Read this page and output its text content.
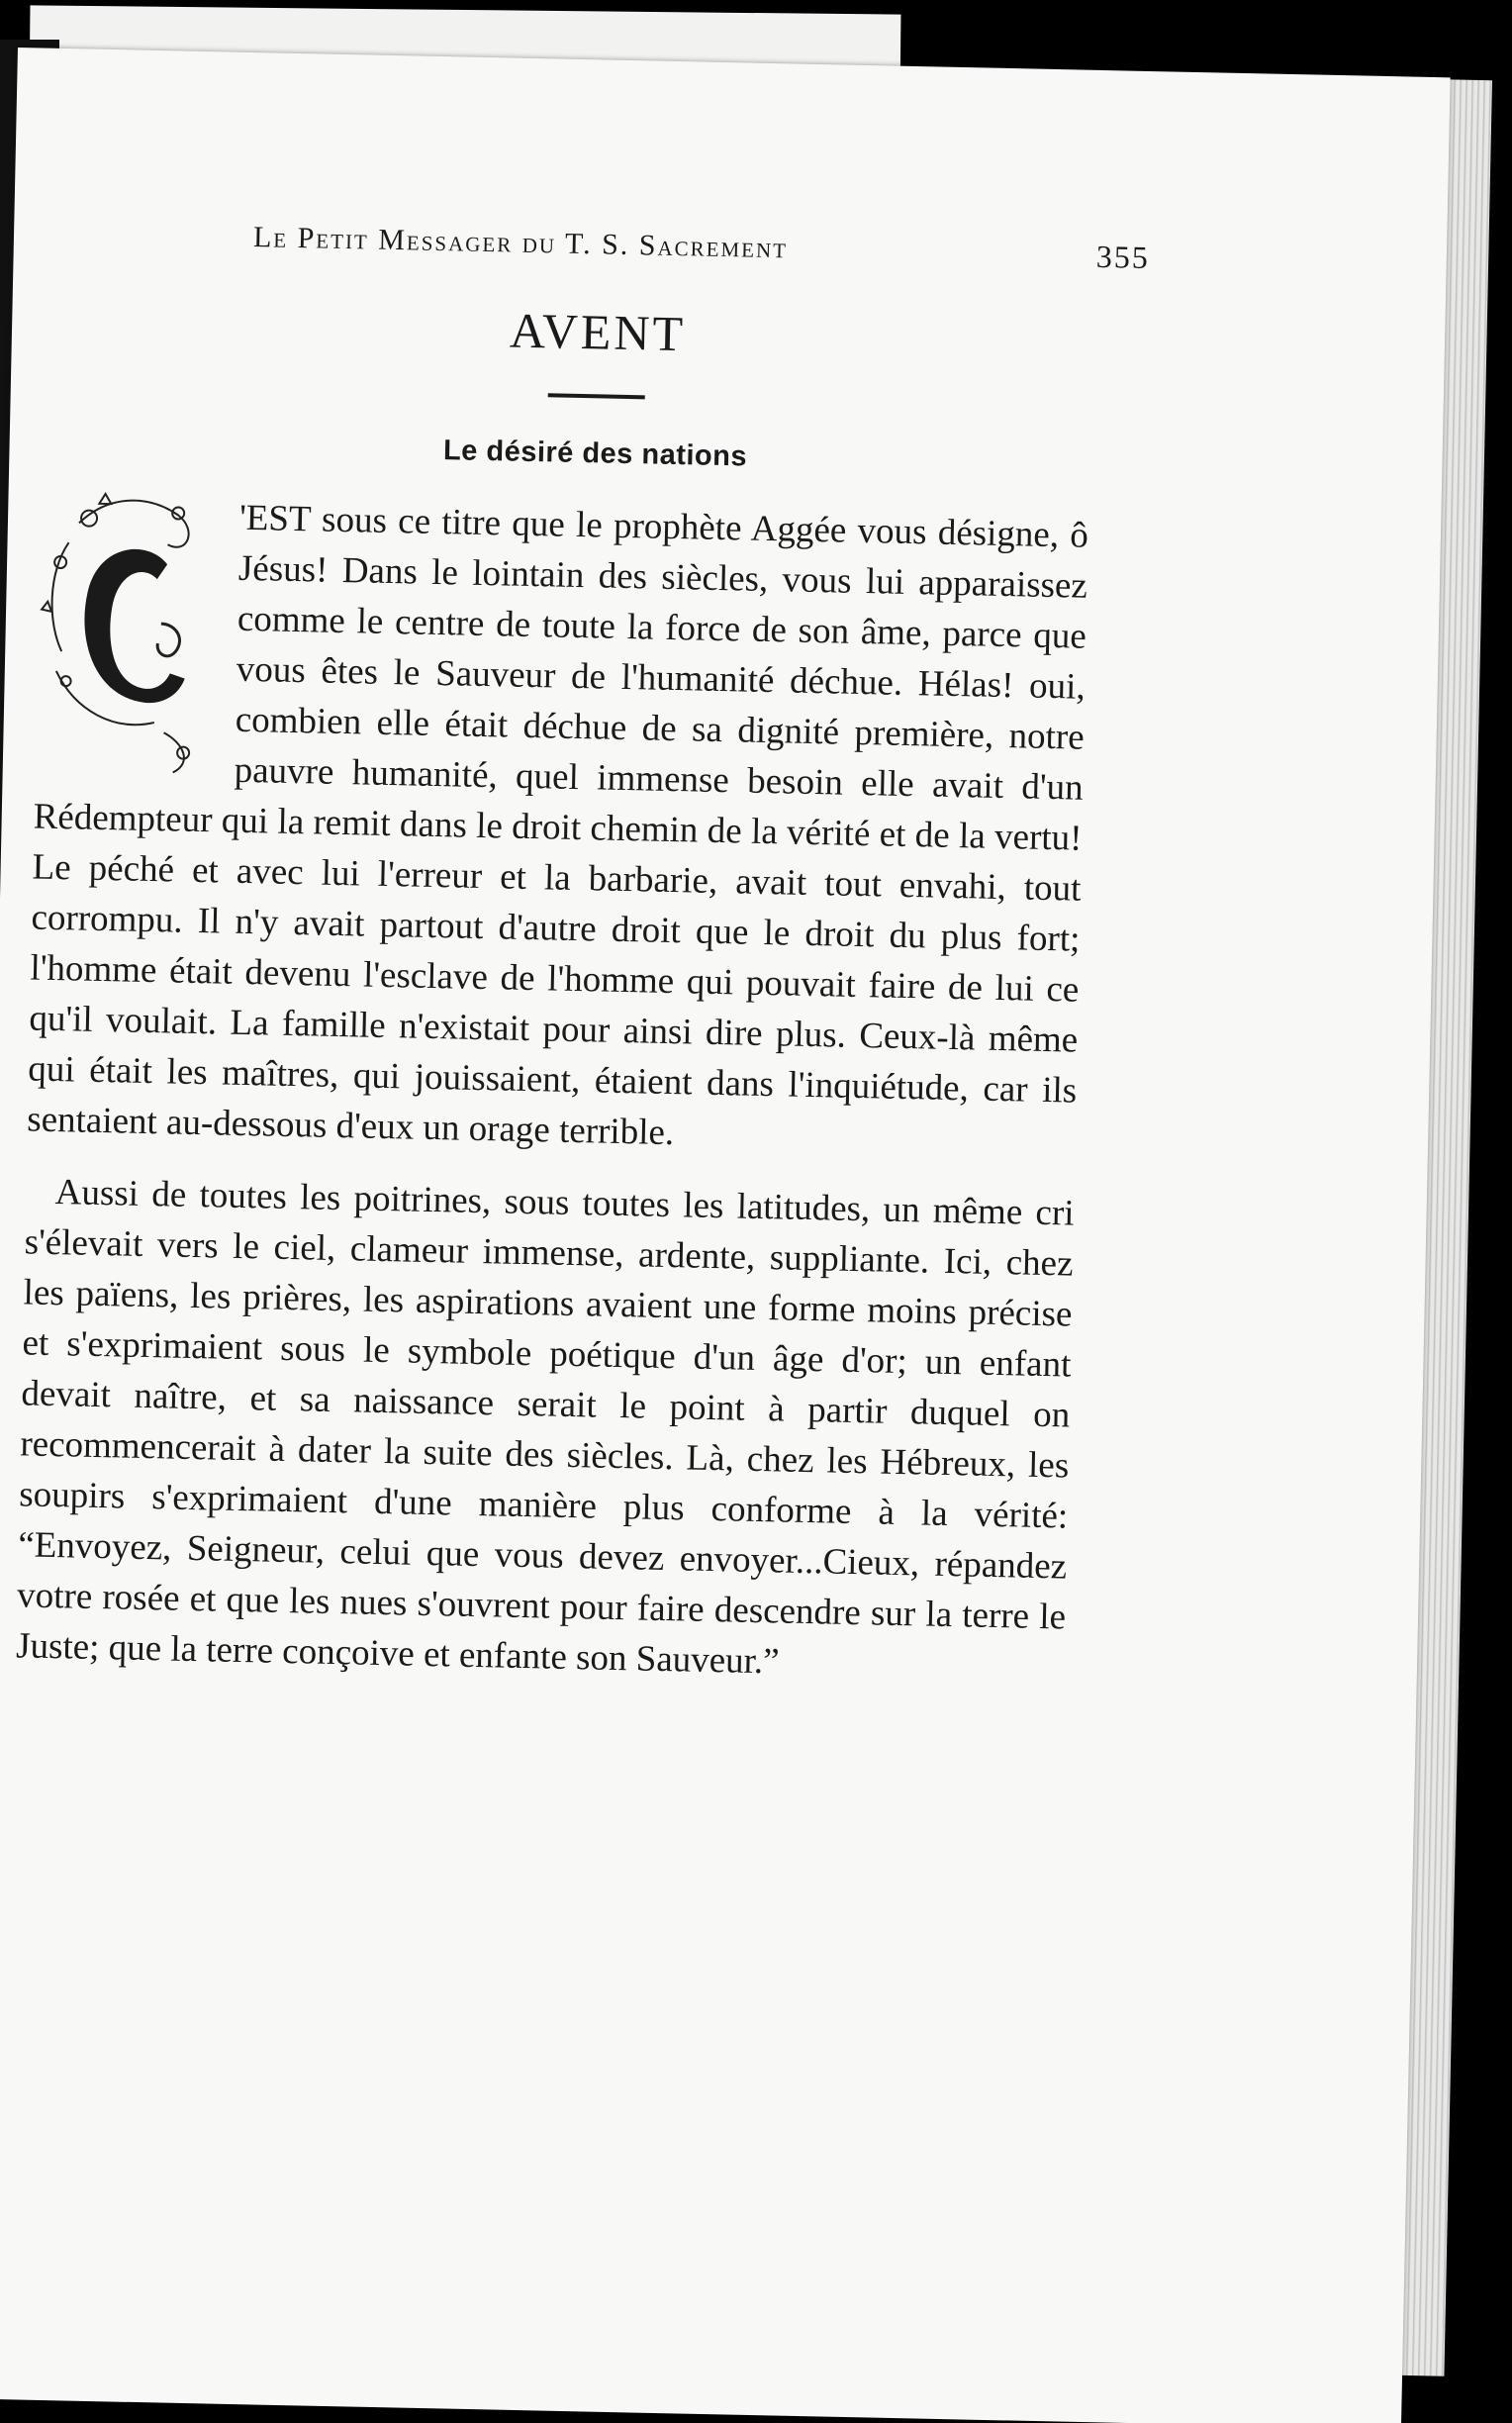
Le Petit Messager du T. S. Sacrement	355
AVENT
Le désiré des nations

'EST sous ce titre que le prophète Aggée vous désigne, ô Jésus! Dans le lointain des siècles, vous lui apparaissez comme le centre de toute la force de son âme, parce que vous êtes le Sauveur de l'humanité déchue. Hélas! oui, combien elle était déchue de sa dignité première, notre pauvre humanité, quel immense besoin elle avait d'un Rédempteur qui la remit dans le droit chemin de la vérité et de la vertu! Le péché et avec lui l'erreur et la barbarie, avait tout envahi, tout corrompu. Il n'y avait partout d'autre droit que le droit du plus fort; l'homme était devenu l'esclave de l'homme qui pouvait faire de lui ce qu'il voulait. La famille n'existait pour ainsi dire plus. Ceux-là même qui était les maîtres, qui jouissaient, étaient dans l'inquiétude, car ils sentaient au-dessous d'eux un orage terrible.

Aussi de toutes les poitrines, sous toutes les latitudes, un même cri s'élevait vers le ciel, clameur immense, ardente, suppliante. Ici, chez les païens, les prières, les aspirations avaient une forme moins précise et s'exprimaient sous le symbole poétique d'un âge d'or; un enfant devait naître, et sa naissance serait le point à partir duquel on recommencerait à dater la suite des siècles. Là, chez les Hébreux, les soupirs s'exprimaient d'une manière plus conforme à la vérité: “Envoyez, Seigneur, celui que vous devez envoyer...Cieux, répandez votre rosée et que les nues s'ouvrent pour faire descendre sur la terre le Juste; que la terre conçoive et enfante son Sauveur.”
